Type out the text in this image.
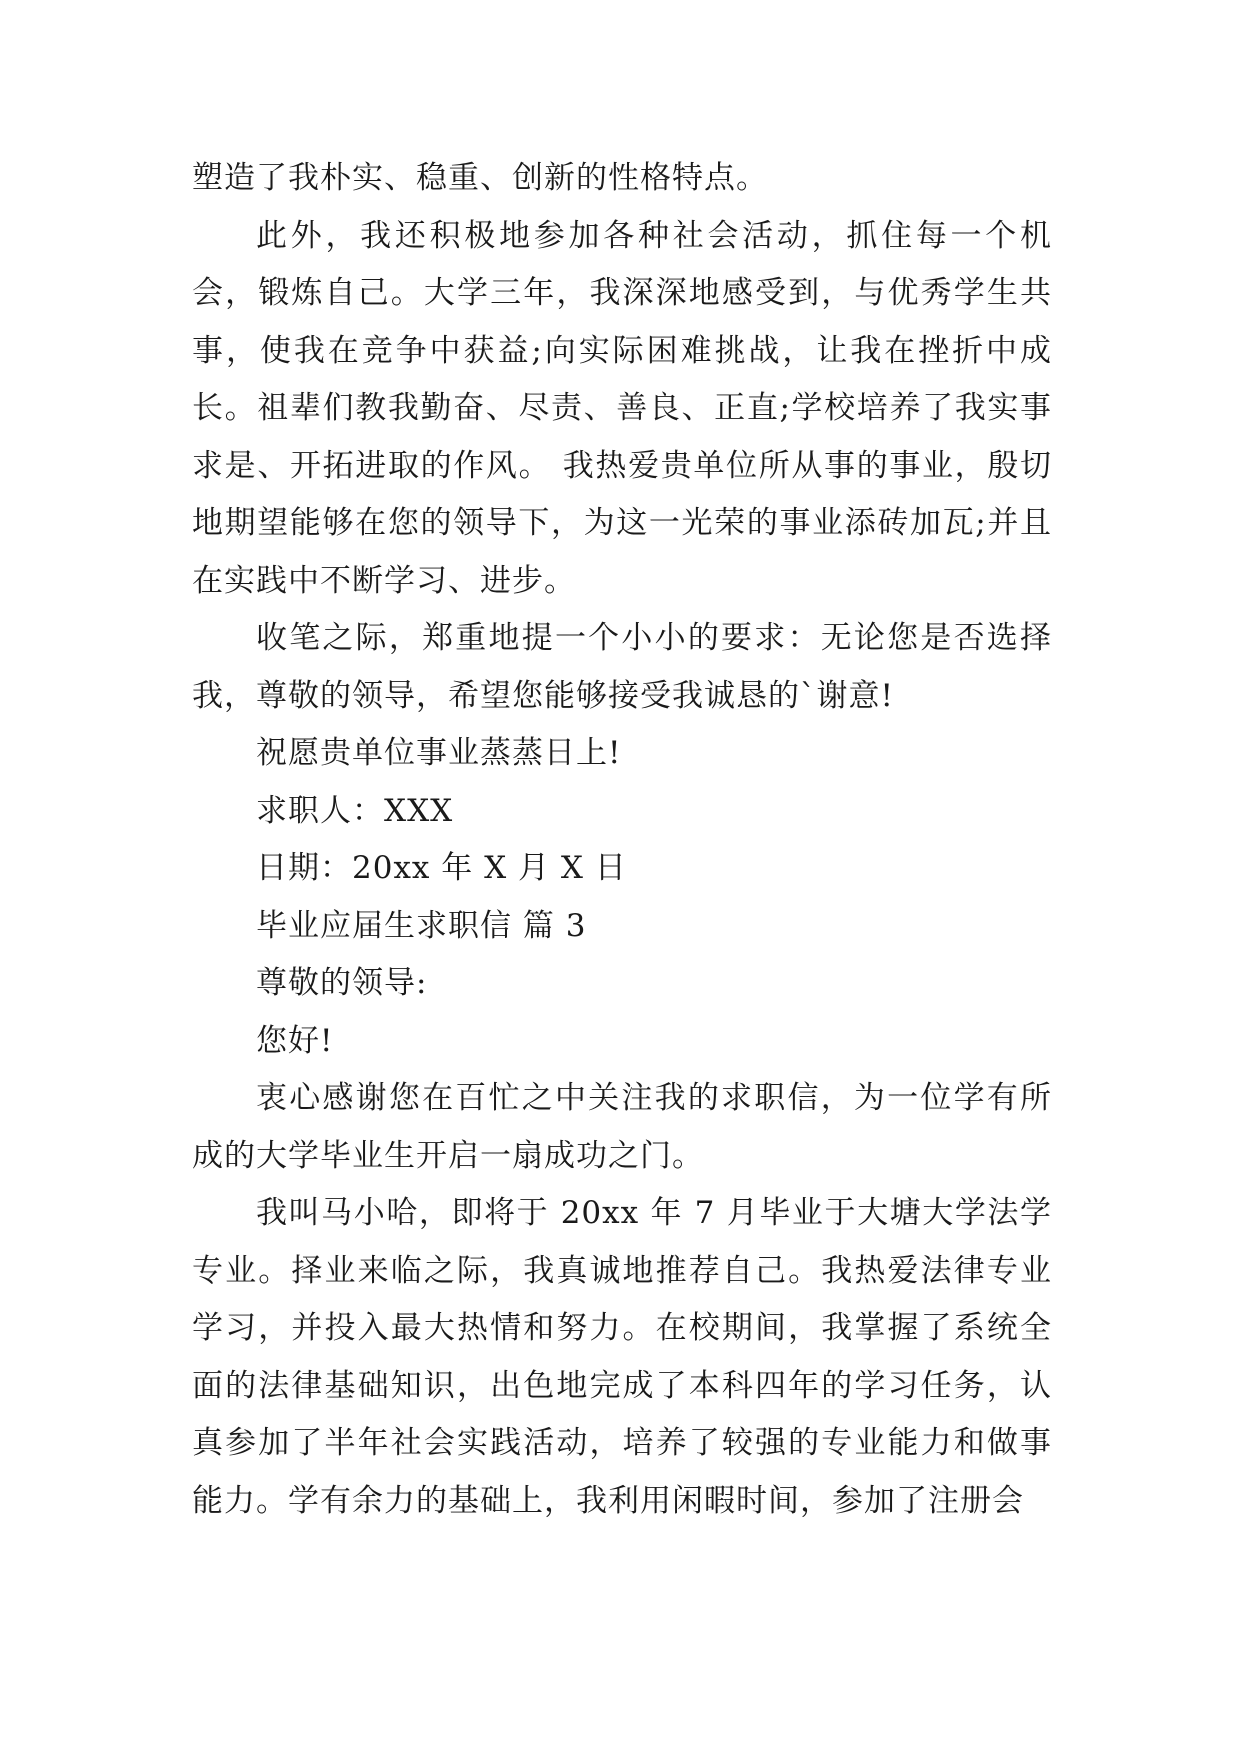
塑造了我朴实、稳重、创新的性格特点。

此外，我还积极地参加各种社会活动，抓住每一个机会，锻炼自己。大学三年，我深深地感受到，与优秀学生共事，使我在竞争中获益;向实际困难挑战，让我在挫折中成长。祖辈们教我勤奋、尽责、善良、正直;学校培养了我实事求是、开拓进取的作风。 我热爱贵单位所从事的事业，殷切地期望能够在您的领导下，为这一光荣的事业添砖加瓦;并且在实践中不断学习、进步。

收笔之际，郑重地提一个小小的要求：无论您是否选择我，尊敬的领导，希望您能够接受我诚恳的`谢意!

祝愿贵单位事业蒸蒸日上!

求职人：XXX

日期：20xx 年 X 月 X 日

毕业应届生求职信 篇 3

尊敬的领导:

您好!

衷心感谢您在百忙之中关注我的求职信，为一位学有所成的大学毕业生开启一扇成功之门。

我叫马小哈，即将于 20xx 年 7 月毕业于大塘大学法学专业。择业来临之际，我真诚地推荐自己。我热爱法律专业学习，并投入最大热情和努力。在校期间，我掌握了系统全面的法律基础知识，出色地完成了本科四年的学习任务，认真参加了半年社会实践活动，培养了较强的专业能力和做事能力。学有余力的基础上，我利用闲暇时间，参加了注册会
